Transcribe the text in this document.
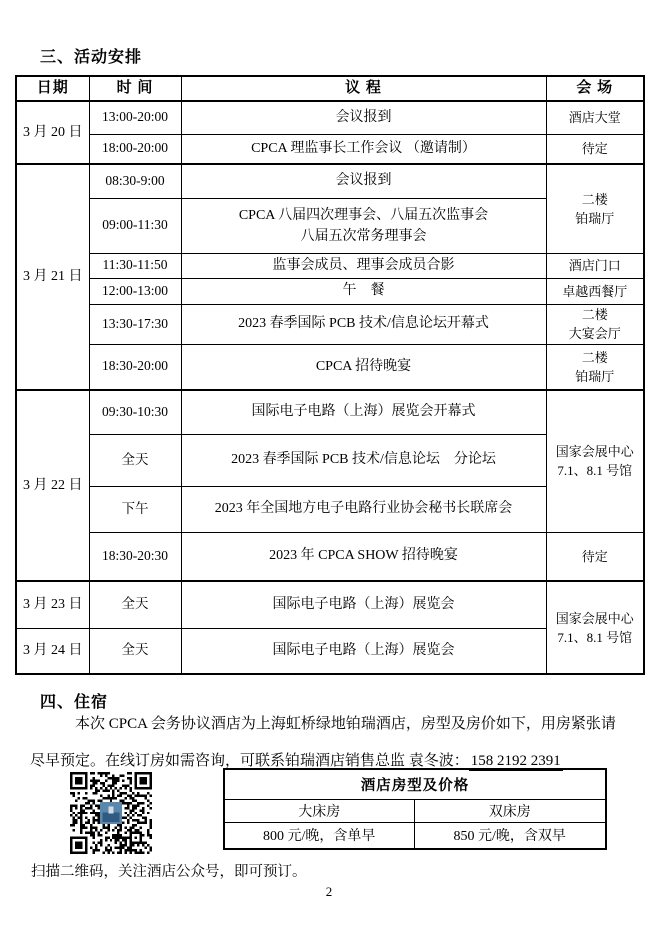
三、活动安排
日期	时 间	议 程	会 场
3 月 20 日	13:00-20:00	会议报到	酒店大堂
	18:00-20:00	CPCA 理监事长工作会议 （邀请制）	待定
3 月 21 日	08:30-9:00	会议报到	二楼
铂瑞厅

	09:00-11:30	CPCA 八届四次理事会、八届五次监事会
八届五次常务理事会	

	11:30-11:50	监事会成员、理事会成员合影	酒店门口
	12:00-13:00	午　餐	卓越西餐厅
	13:30-17:30	2023 春季国际 PCB 技术/信息论坛开幕式	二楼
大宴会厅

	18:30-20:00	CPCA 招待晚宴	二楼
铂瑞厅

3 月 22 日	09:30-10:30	国际电子电路（上海）展览会开幕式	国家会展中心
7.1、8.1 号馆

	全天	2023 春季国际 PCB 技术/信息论坛　分论坛	
	下午	2023 年全国地方电子电路行业协会秘书长联席会	
	18:30-20:30	2023 年 CPCA SHOW 招待晚宴	待定
3 月 23 日	全天	国际电子电路（上海）展览会	国家会展中心
7.1、8.1 号馆

3 月 24 日	全天	国际电子电路（上海）展览会	
四、住宿
本次 CPCA 会务协议酒店为上海虹桥绿地铂瑞酒店，房型及房价如下，用房紧张请
尽早预定。在线订房如需咨询，可联系铂瑞酒店销售总监 袁冬波： 158 2192 2391
酒店房型及价格	
大床房	双床房
800 元/晚，含单早	850 元/晚，含双早
扫描二维码，关注酒店公众号，即可预订。
2
